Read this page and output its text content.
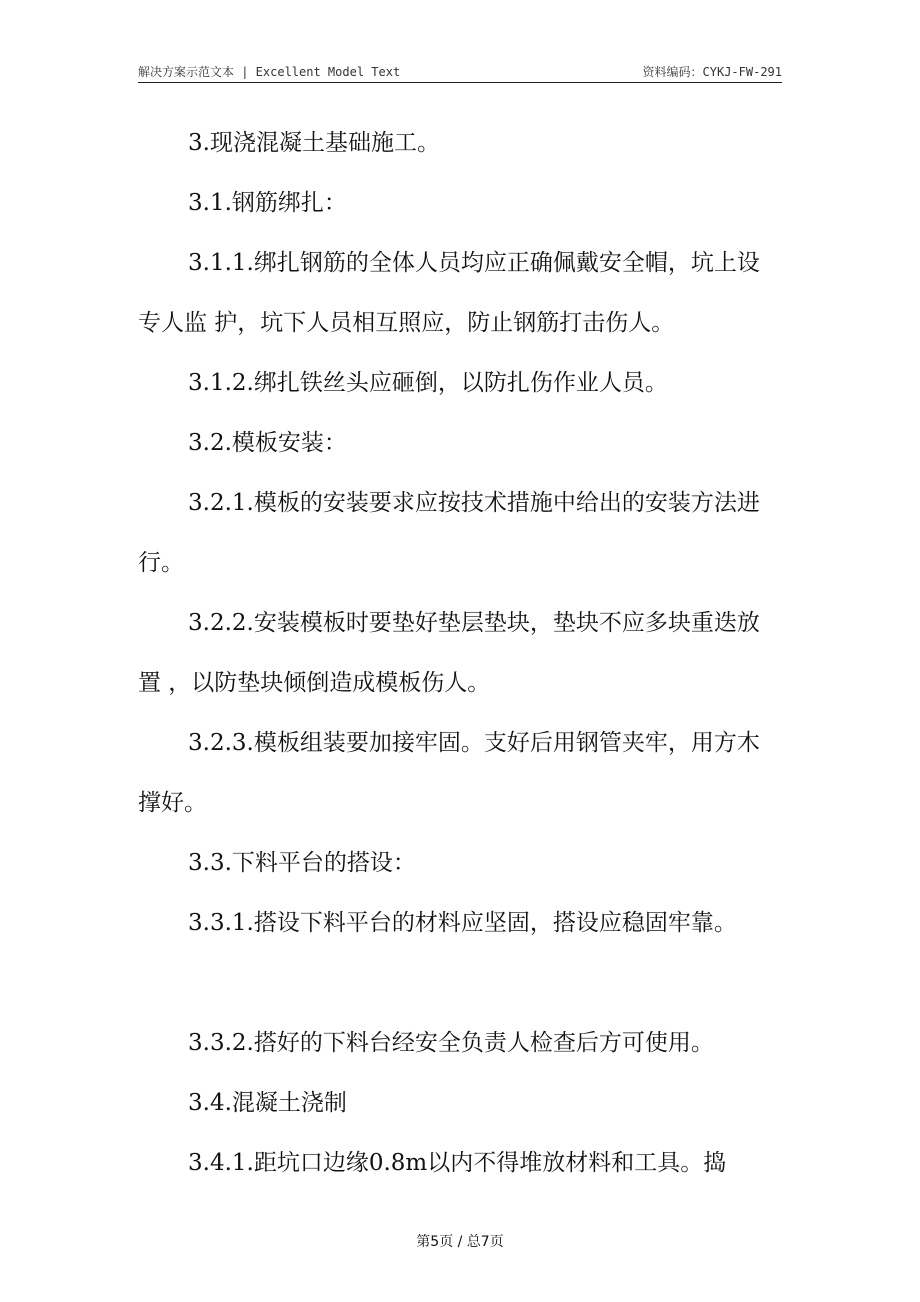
解决方案示范文本 | Excellent Model Text	资料编码：CYKJ-FW-291

3.现浇混凝土基础施工。

3.1.钢筋绑扎：

3.1.1.绑扎钢筋的全体人员均应正确佩戴安全帽，坑上设专人监 护，坑下人员相互照应，防止钢筋打击伤人。

3.1.2.绑扎铁丝头应砸倒，以防扎伤作业人员。

3.2.模板安装：

3.2.1.模板的安装要求应按技术措施中给出的安装方法进行。

3.2.2.安装模板时要垫好垫层垫块，垫块不应多块重迭放置 ，以防垫块倾倒造成模板伤人。

3.2.3.模板组装要加接牢固。支好后用钢管夹牢，用方木撑好。

3.3.下料平台的搭设：

3.3.1.搭设下料平台的材料应坚固，搭设应稳固牢靠。

3.3.2.搭好的下料台经安全负责人检查后方可使用。

3.4.混凝土浇制

3.4.1.距坑口边缘0.8m以内不得堆放材料和工具。捣

第5页 / 总7页
